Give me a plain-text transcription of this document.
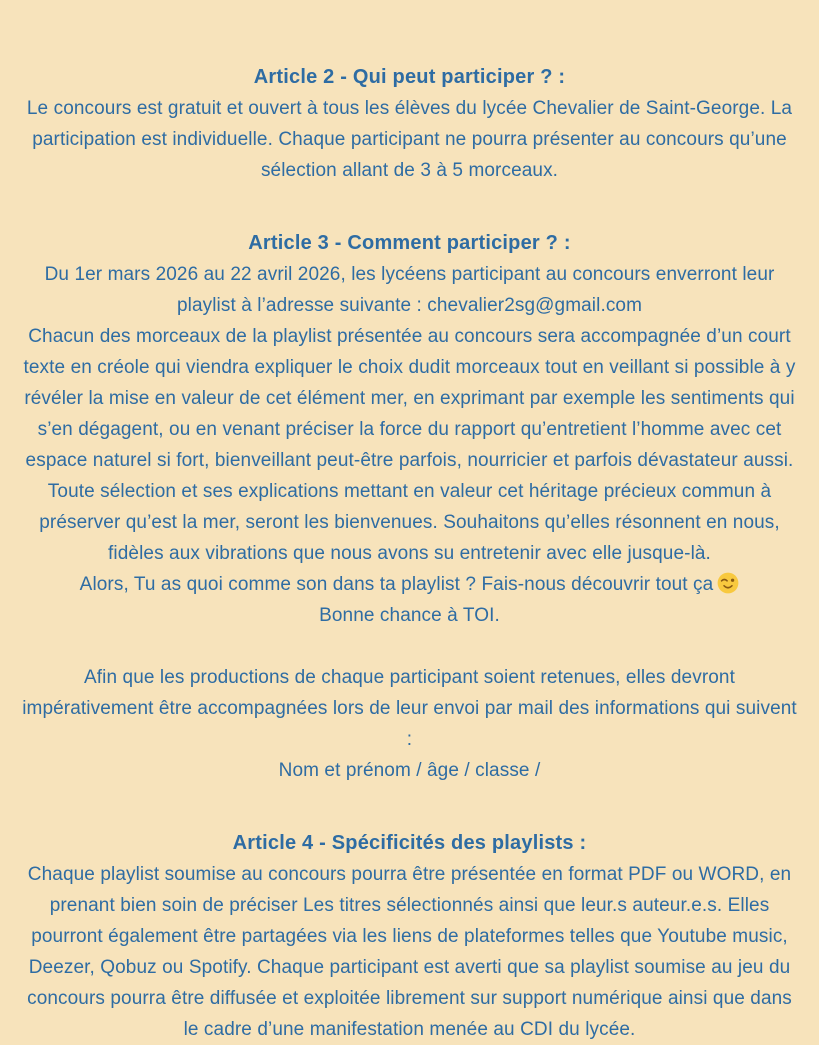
Article 2 - Qui peut participer ? :

Le concours est gratuit et ouvert à tous les élèves du lycée Chevalier de Saint-George. La participation est individuelle. Chaque participant ne pourra présenter au concours qu’une sélection allant de 3 à 5 morceaux.

Article 3 - Comment participer ? :

Du 1er mars 2026 au 22 avril 2026, les lycéens participant au concours enverront leur playlist à l’adresse suivante : chevalier2sg@gmail.com

Chacun des morceaux de la playlist présentée au concours sera accompagnée d’un court texte en créole qui viendra expliquer le choix dudit morceaux tout en veillant si possible à y révéler la mise en valeur de cet élément mer, en exprimant par exemple les sentiments qui s’en dégagent, ou en venant préciser la force du rapport qu’entretient l’homme avec cet espace naturel si fort, bienveillant peut-être parfois, nourricier et parfois dévastateur aussi. Toute sélection et ses explications mettant en valeur cet héritage précieux commun à préserver qu’est la mer, seront les bienvenues. Souhaitons qu’elles résonnent en nous, fidèles aux vibrations que nous avons su entretenir avec elle jusque-là.

Alors, Tu as quoi comme son dans ta playlist ? Fais-nous découvrir tout ça

Bonne chance à TOI.

Afin que les productions de chaque participant soient retenues, elles devront impérativement être accompagnées lors de leur envoi par mail des informations qui suivent :

Nom et prénom / âge / classe /

Article 4 - Spécificités des playlists :

Chaque playlist soumise au concours pourra être présentée en format PDF ou WORD, en prenant bien soin de préciser Les titres sélectionnés ainsi que leur.s auteur.e.s. Elles pourront également être partagées via les liens de plateformes telles que Youtube music, Deezer, Qobuz ou Spotify. Chaque participant est averti que sa playlist soumise au jeu du concours pourra être diffusée et exploitée librement sur support numérique ainsi que dans le cadre d’une manifestation menée au CDI du lycée.
